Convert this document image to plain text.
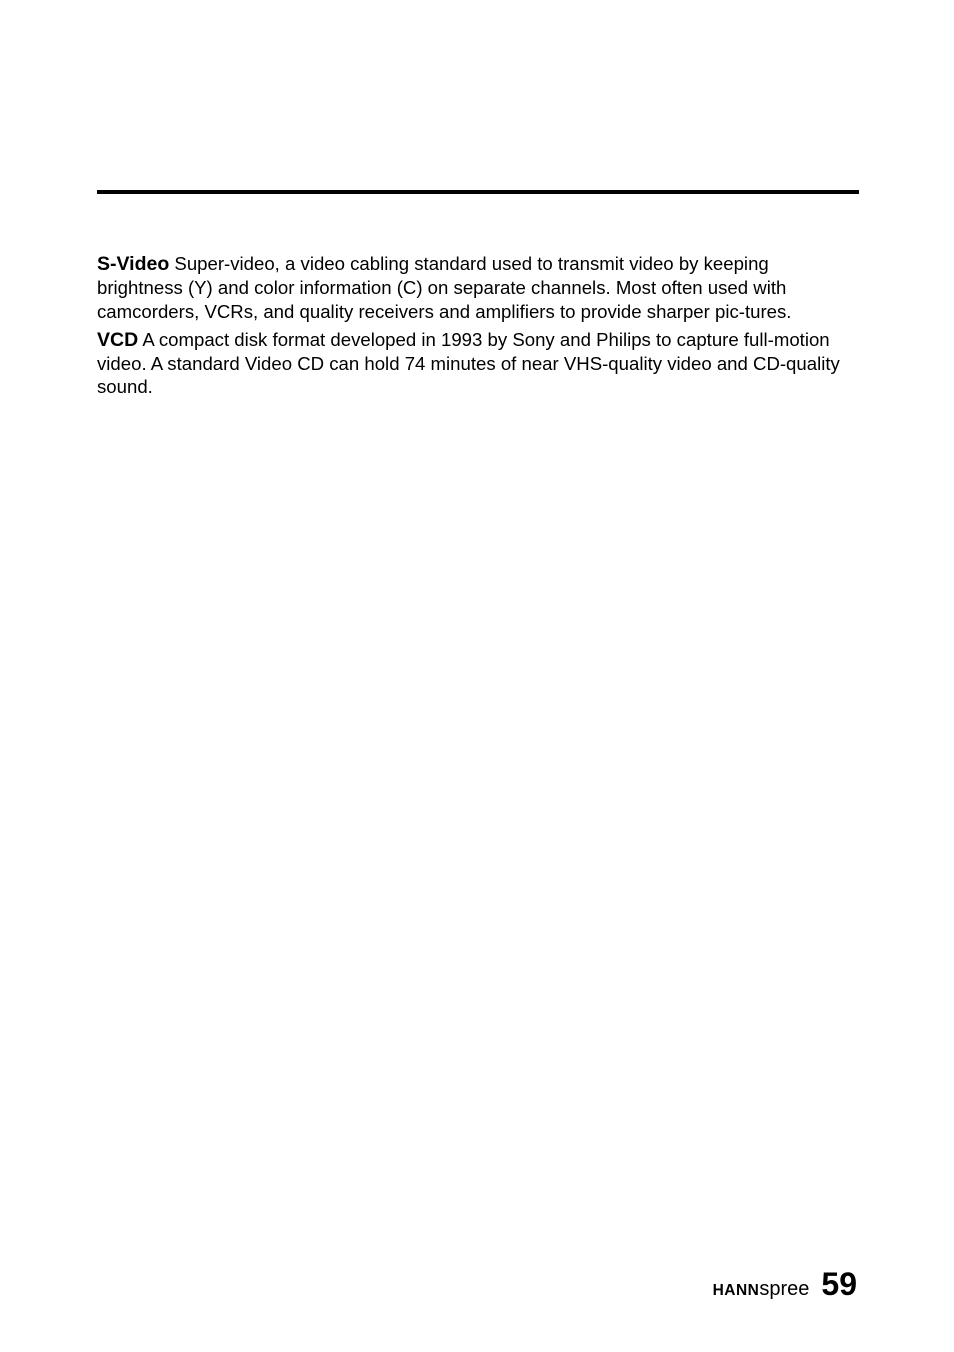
S-Video Super-video, a video cabling standard used to transmit video by keeping brightness (Y) and color information (C) on separate channels. Most often used with camcorders, VCRs, and quality receivers and amplifiers to provide sharper pic-tures.

VCD A compact disk format developed in 1993 by Sony and Philips to capture full-motion video. A standard Video CD can hold 74 minutes of near VHS-quality video and CD-quality sound.

HANN spree 59
